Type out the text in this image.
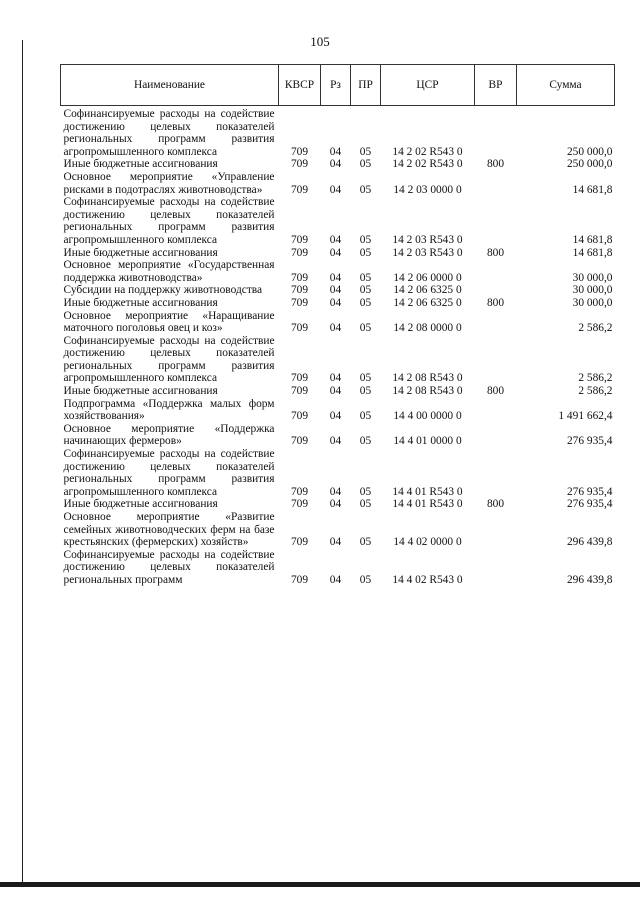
105
Наименование	КВСР	Рз	ПР	ЦСР	ВР	Сумма
Софинансируемые расходы на содействие достижению целевых показателей региональных программ развития агропромышленного комплекса	709	04	05	14 2 02 R543 0		250 000,0
Иные бюджетные ассигнования	709	04	05	14 2 02 R543 0	800	250 000,0
Основное мероприятие «Управление рисками в подотраслях животноводства»	709	04	05	14 2 03 0000 0		14 681,8
Софинансируемые расходы на содействие достижению целевых показателей региональных программ развития агропромышленного комплекса	709	04	05	14 2 03 R543 0		14 681,8
Иные бюджетные ассигнования	709	04	05	14 2 03 R543 0	800	14 681,8
Основное мероприятие «Государственная поддержка животноводства»	709	04	05	14 2 06 0000 0		30 000,0
Субсидии на поддержку животноводства	709	04	05	14 2 06 6325 0		30 000,0
Иные бюджетные ассигнования	709	04	05	14 2 06 6325 0	800	30 000,0
Основное мероприятие «Наращивание маточного поголовья овец и коз»	709	04	05	14 2 08 0000 0		2 586,2
Софинансируемые расходы на содействие достижению целевых показателей региональных программ развития агропромышленного комплекса	709	04	05	14 2 08 R543 0		2 586,2
Иные бюджетные ассигнования	709	04	05	14 2 08 R543 0	800	2 586,2
Подпрограмма «Поддержка малых форм хозяйствования»	709	04	05	14 4 00 0000 0		1 491 662,4
Основное мероприятие «Поддержка начинающих фермеров»	709	04	05	14 4 01 0000 0		276 935,4
Софинансируемые расходы на содействие достижению целевых показателей региональных программ развития агропромышленного комплекса	709	04	05	14 4 01 R543 0		276 935,4
Иные бюджетные ассигнования	709	04	05	14 4 01 R543 0	800	276 935,4
Основное мероприятие «Развитие семейных животноводческих ферм на базе крестьянских (фермерских) хозяйств»	709	04	05	14 4 02 0000 0		296 439,8
Софинансируемые расходы на содействие достижению целевых показателей региональных программ	709	04	05	14 4 02 R543 0		296 439,8
